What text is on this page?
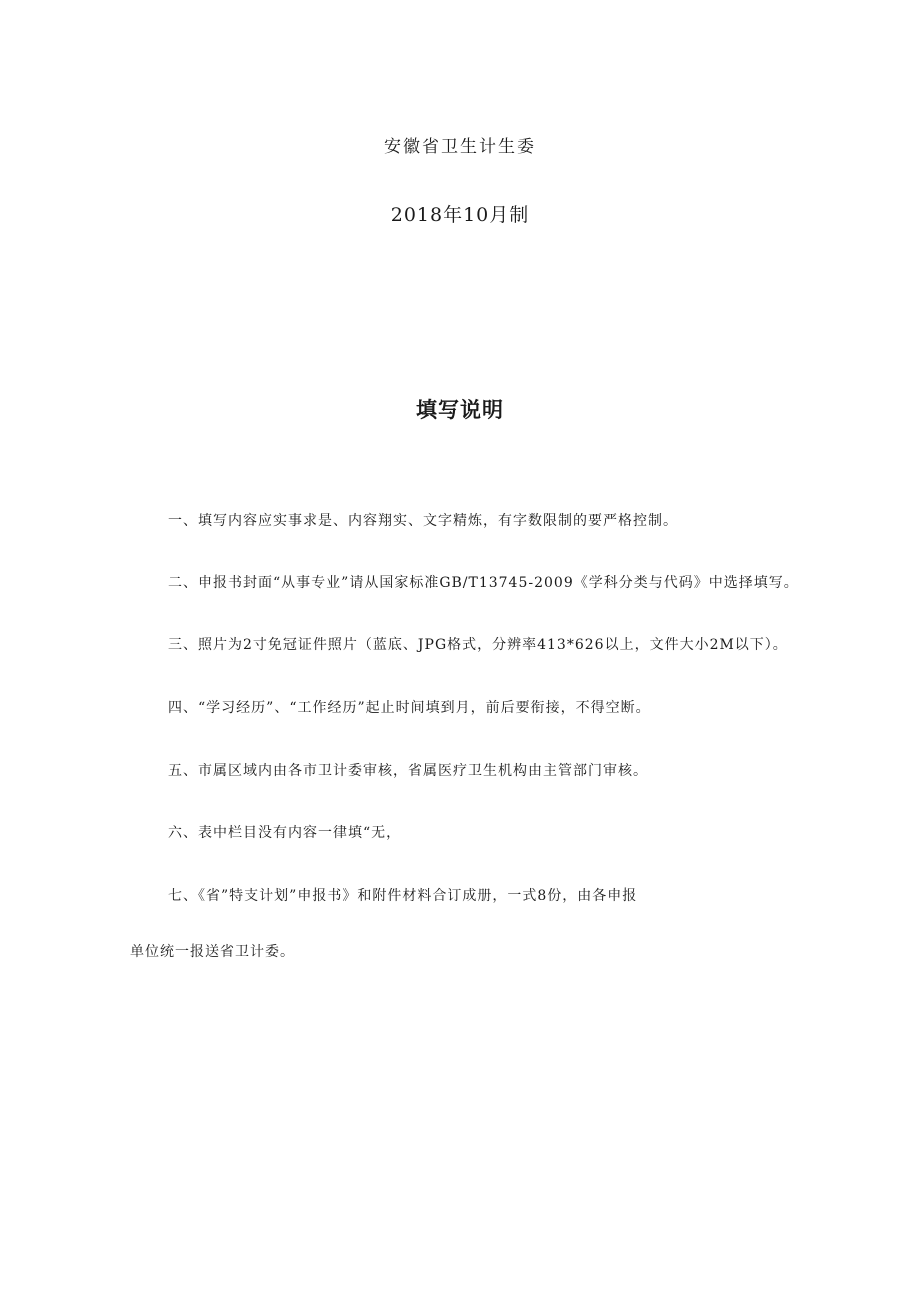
安徽省卫生计生委
2018年10月制
填写说明
一、填写内容应实事求是、内容翔实、文字精炼，有字数限制的要严格控制。
二、申报书封面“从事专业”请从国家标准GB/T13745-2009《学科分类与代码》中选择填写。
三、照片为2寸免冠证件照片（蓝底、JPG格式，分辨率413*626以上，文件大小2M以下）。
四、“学习经历”、“工作经历”起止时间填到月，前后要衔接，不得空断。
五、市属区域内由各市卫计委审核，省属医疗卫生机构由主管部门审核。
六、表中栏目没有内容一律填“无，
七、《省”特支计划”申报书》和附件材料合订成册，一式8份，由各申报
单位统一报送省卫计委。
